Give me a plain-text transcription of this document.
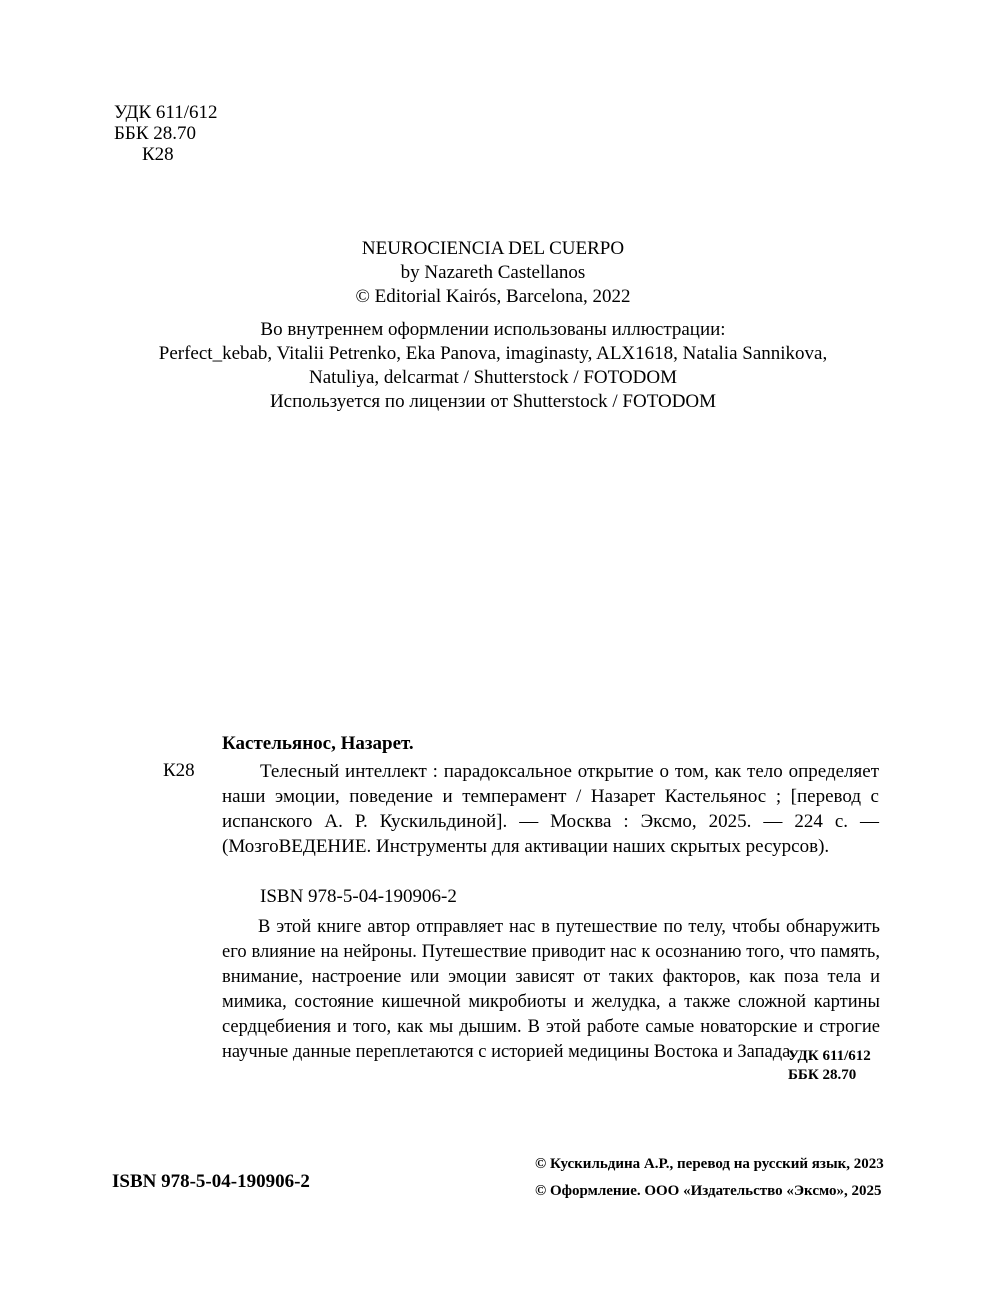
УДК 611/612
ББК 28.70
К28
NEUROCIENCIA DEL CUERPO
by Nazareth Castellanos
© Editorial Kairós, Barcelona, 2022
Во внутреннем оформлении использованы иллюстрации:
Perfect_kebab, Vitalii Petrenko, Eka Panova, imaginasty, ALX1618, Natalia Sannikova,
Natuliya, delcarmat / Shutterstock / FOTODOM
Используется по лицензии от Shutterstock / FOTODOM
Кастельянос, Назарет.
К28	Телесный интеллект : парадоксальное открытие о том, как тело определяет наши эмоции, поведение и темперамент / Назарет Кастельянос ; [перевод с испанского А. Р. Кускильдиной]. — Москва : Эксмо, 2025. — 224 с. — (МозгоВЕДЕНИЕ. Инструменты для активации наших скрытых ресурсов).
ISBN 978-5-04-190906-2
В этой книге автор отправляет нас в путешествие по телу, чтобы обнаружить его влияние на нейроны. Путешествие приводит нас к осознанию того, что память, внимание, настроение или эмоции зависят от таких факторов, как поза тела и мимика, состояние кишечной микробиоты и желудка, а также сложной картины сердцебиения и того, как мы дышим. В этой работе самые новаторские и строгие научные данные переплетаются с историей медицины Востока и Запада.
УДК 611/612
ББК 28.70
ISBN 978-5-04-190906-2
© Кускильдина А.Р., перевод на русский язык, 2023
© Оформление. ООО «Издательство «Эксмо», 2025
